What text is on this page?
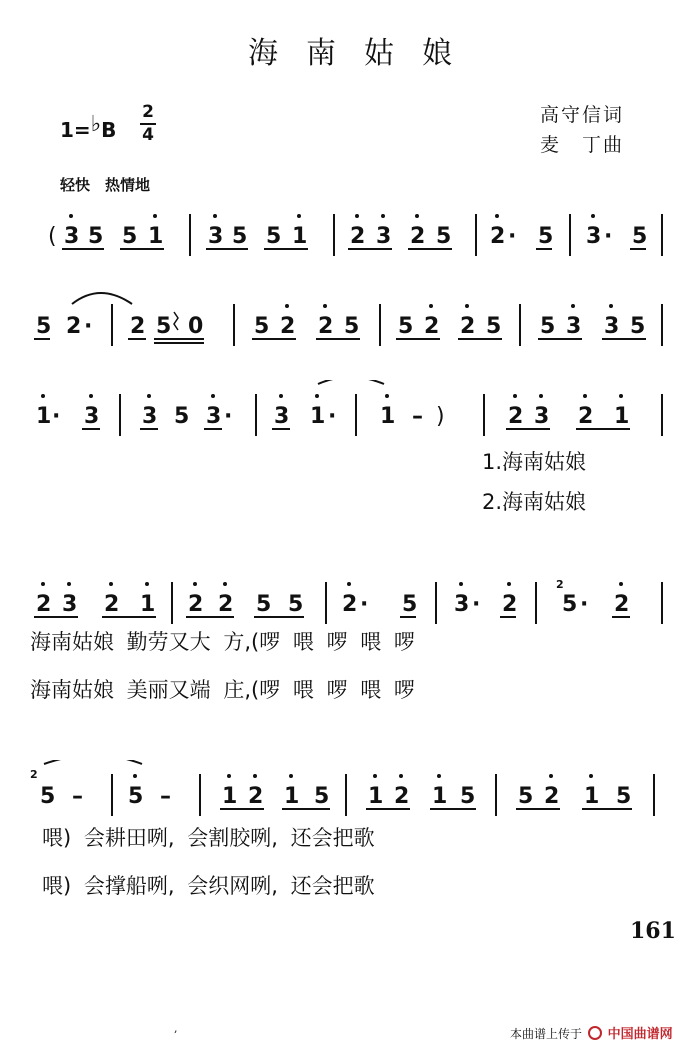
海南姑娘
1=♭B
2
4
高守信词
麦　丁曲
轻快　热情地
( 3 5 5 1 3 5 5 1 2 3 2 5 2 · 5 3 · 5
5 2 · 2 5 0 5 2 2 5 5 2 2 5 5 3 3 5
1 · 3 3 5 3 · 3 1 · 1 – )	2 3 2 1
1.海南姑娘
2.海南姑娘
2 3 2 1 2 2 5 5 2 · 5 3 · 2
2
5 · 2
海南姑娘 勤劳又大 方,(啰 喂 啰 喂 啰
海南姑娘 美丽又端 庄,(啰 喂 啰 喂 啰
2
5 – 5 – 1 2 1 5 1 2 1 5 5 2 1 5
喂) 会耕田咧, 会割胶咧, 还会把歌
喂) 会撑船咧, 会织网咧, 还会把歌
161
,	本曲谱上传于 中国曲谱网
